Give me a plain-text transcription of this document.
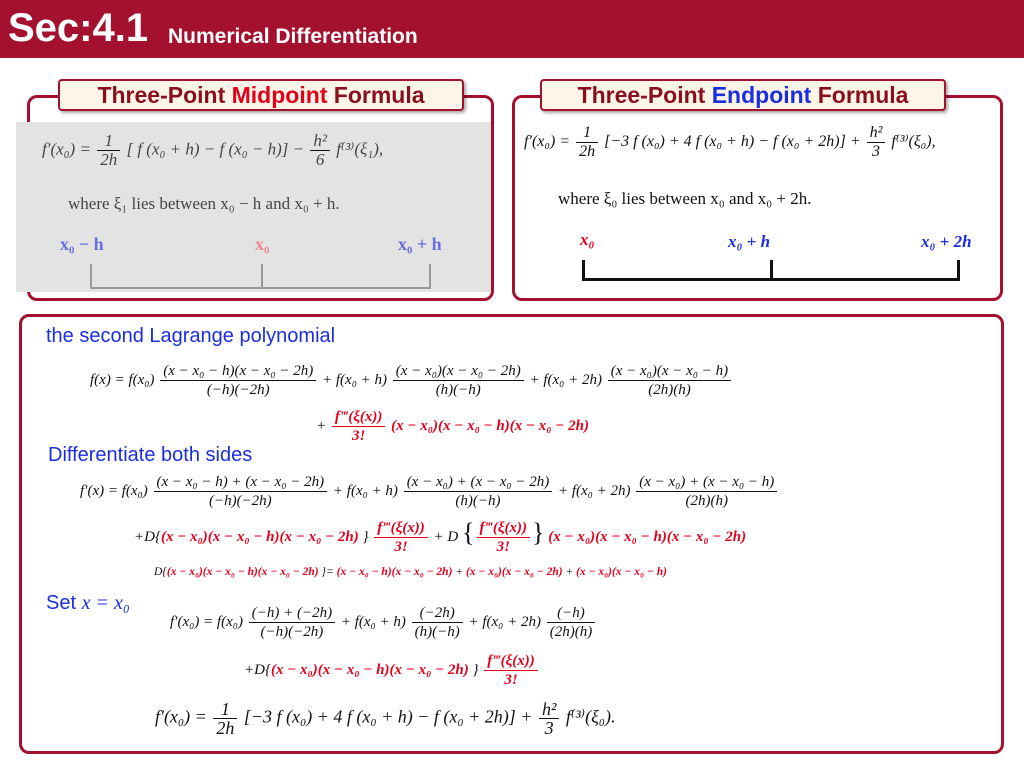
Sec:4.1 Numerical Differentiation
$f'(x_0) = \frac{1}{2h}$ [ f (x₀ + h) − f $(x_0 - h)] - \frac{\text{h²}}{6} f^{(3)}(\xi_1)$,
where ξ₁ lies between x₀ − h and x₀ + h.
x₀ − h	x₀	x₀ + h
Three-Point Midpoint Formula
$f'(x_0) = \frac{1}{2h} [-3$ f (x₀) + 4 f (x₀ + h) − f $(x_0 + 2h)] + \frac{\text{h²}}{3} f^{(3)}(\xi_0)$,
where ξ₀ lies between x₀ and x₀ + 2h.
x₀	x₀ + h	x₀ + 2h
Three-Point Endpoint Formula
the second Lagrange polynomial
$f(x) = f(x_0) \frac{\text{(x − x₀ − h)(x − x₀ − 2h)}}{(-h)(-2h)} + f(x_0 + h) \frac{\text{(x − x₀)(x − x₀ − 2h)}}{(h)(-h)} + f(x_0 + 2h) \frac{\text{(x − x₀)(x − x₀ − h)}}{(2h)(h)}$
+ $\frac{f‴(\xi(x))}{3!} (x - x_0)(x - x_0 - h)(x - x_0 - 2h)$
Differentiate both sides
$f'(x) = f(x_0) \frac{\text{(x − x₀ − h) + (x − x₀ − 2h)}}{(-h)(-2h)} + f(x_0 + h) \frac{\text{(x − x₀) + (x − x₀ − 2h)}}{(h)(-h)} + f(x_0 + 2h) \frac{\text{(x − x₀) + (x − x₀ − h)}}{(2h)(h)}$
+D{(x − x₀)(x − x₀ − h)(x − x₀ − 2h) } $\frac{f‴(\xi(x))}{3!} + D$ { $\frac{f‴(\xi(x))}{3!}$ } (x − x₀)(x − x₀ − h)(x − x₀ − 2h)
D{(x − x₀)(x − x₀ − h)(x − x₀ − 2h) }= (x − x₀ − h)(x − x₀ − 2h) + (x − x₀)(x − x₀ − 2h) + (x − x₀)(x − x₀ − h)
Set x = x₀
$f'(x_0) = f(x_0) \frac{(-h) + (-2h)}{(-h)(-2h)} + f(x_0 + h) \frac{(-2h)}{(h)(-h)} + f(x_0 + 2h) \frac{(-h)}{(2h)(h)}$
+D{(x − x₀)(x − x₀ − h)(x − x₀ − 2h) } $\frac{f‴(\xi(x))}{3!}$
$f'(x_0) = \frac{1}{2h} [-3$ f (x₀) + 4 f (x₀ + h) − f $(x_0 + 2h)] + \frac{\text{h²}}{3} f^{(3)}(\xi_0)$.
